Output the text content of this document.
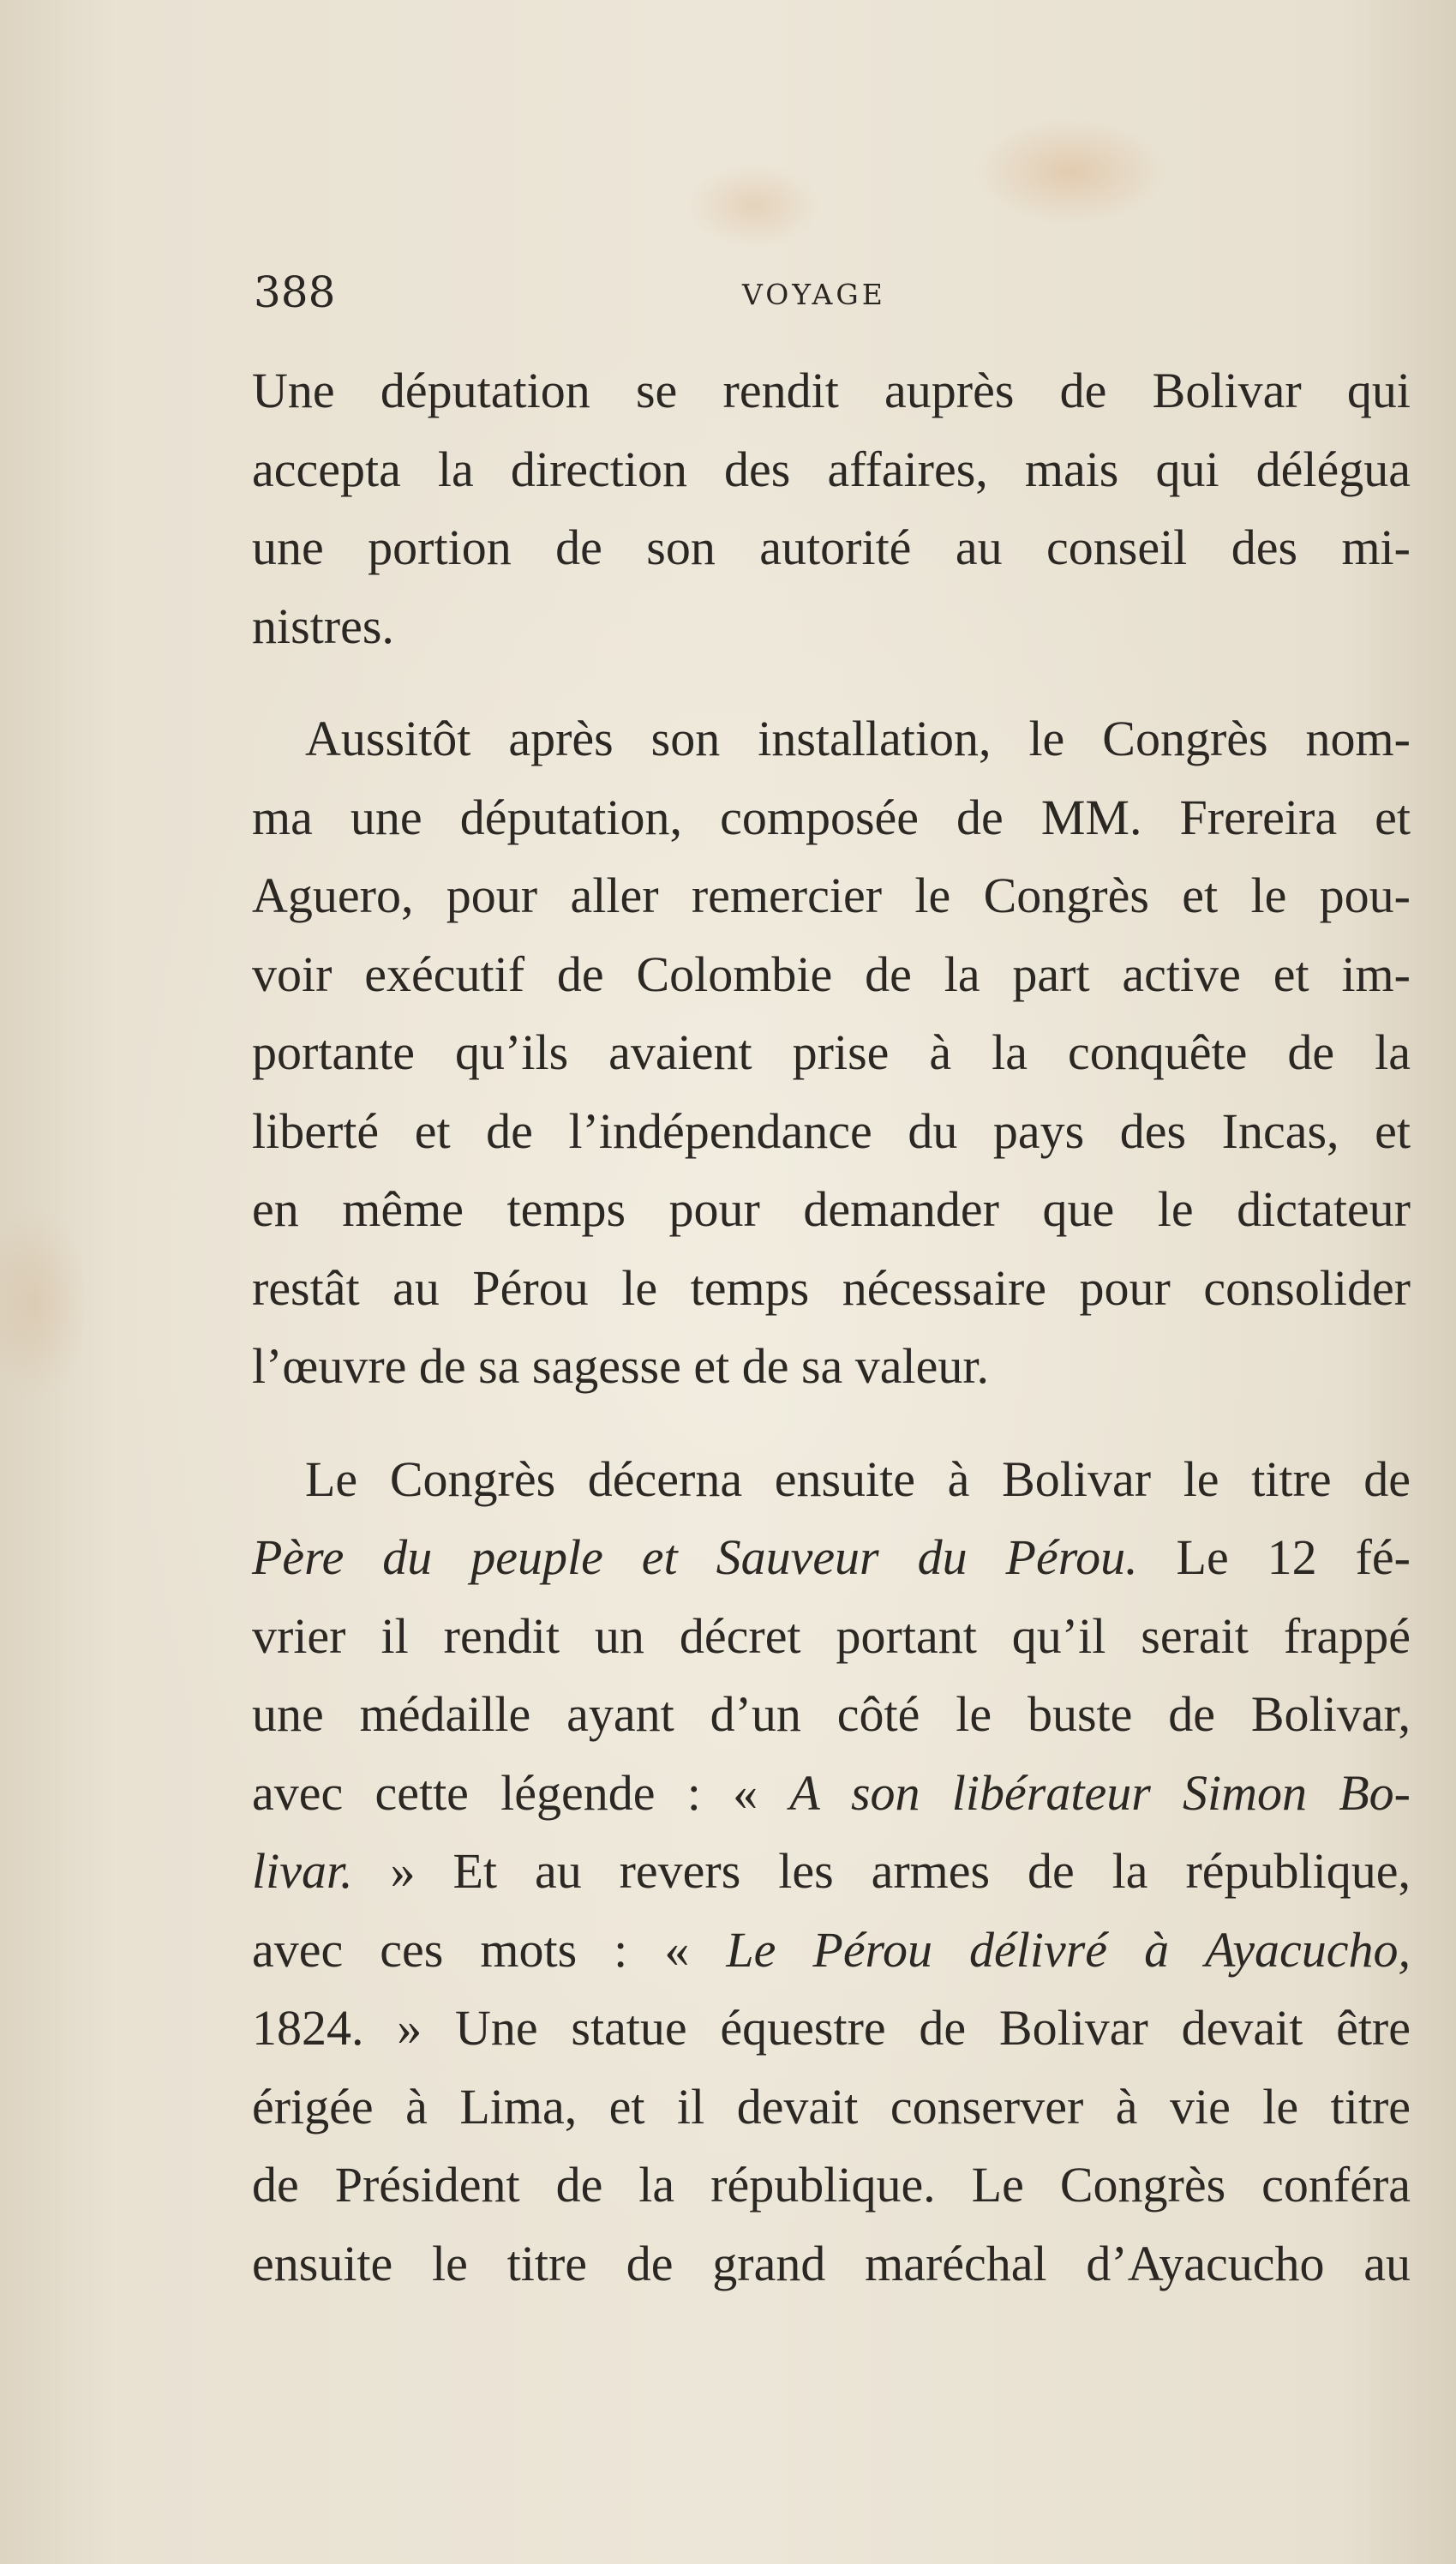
388	VOYAGE

Une députation se rendit auprès de Bolivar qui
accepta la direction des affaires, mais qui délégua
une portion de son autorité au conseil des mi-
nistres.

Aussitôt après son installation, le Congrès nom-
ma une députation, composée de MM. Frereira et
Aguero, pour aller remercier le Congrès et le pou-
voir exécutif de Colombie de la part active et im-
portante qu’ils avaient prise à la conquête de la
liberté et de l’indépendance du pays des Incas, et
en même temps pour demander que le dictateur
restât au Pérou le temps nécessaire pour consolider
l’œuvre de sa sagesse et de sa valeur.

Le Congrès décerna ensuite à Bolivar le titre de
Père du peuple et Sauveur du Pérou. Le 12 fé-
vrier il rendit un décret portant qu’il serait frappé
une médaille ayant d’un côté le buste de Bolivar,
avec cette légende : « A son libérateur Simon Bo-
livar. » Et au revers les armes de la république,
avec ces mots : « Le Pérou délivré à Ayacucho,
1824. » Une statue équestre de Bolivar devait être
érigée à Lima, et il devait conserver à vie le titre
de Président de la république. Le Congrès conféra
ensuite le titre de grand maréchal d’Ayacucho au
